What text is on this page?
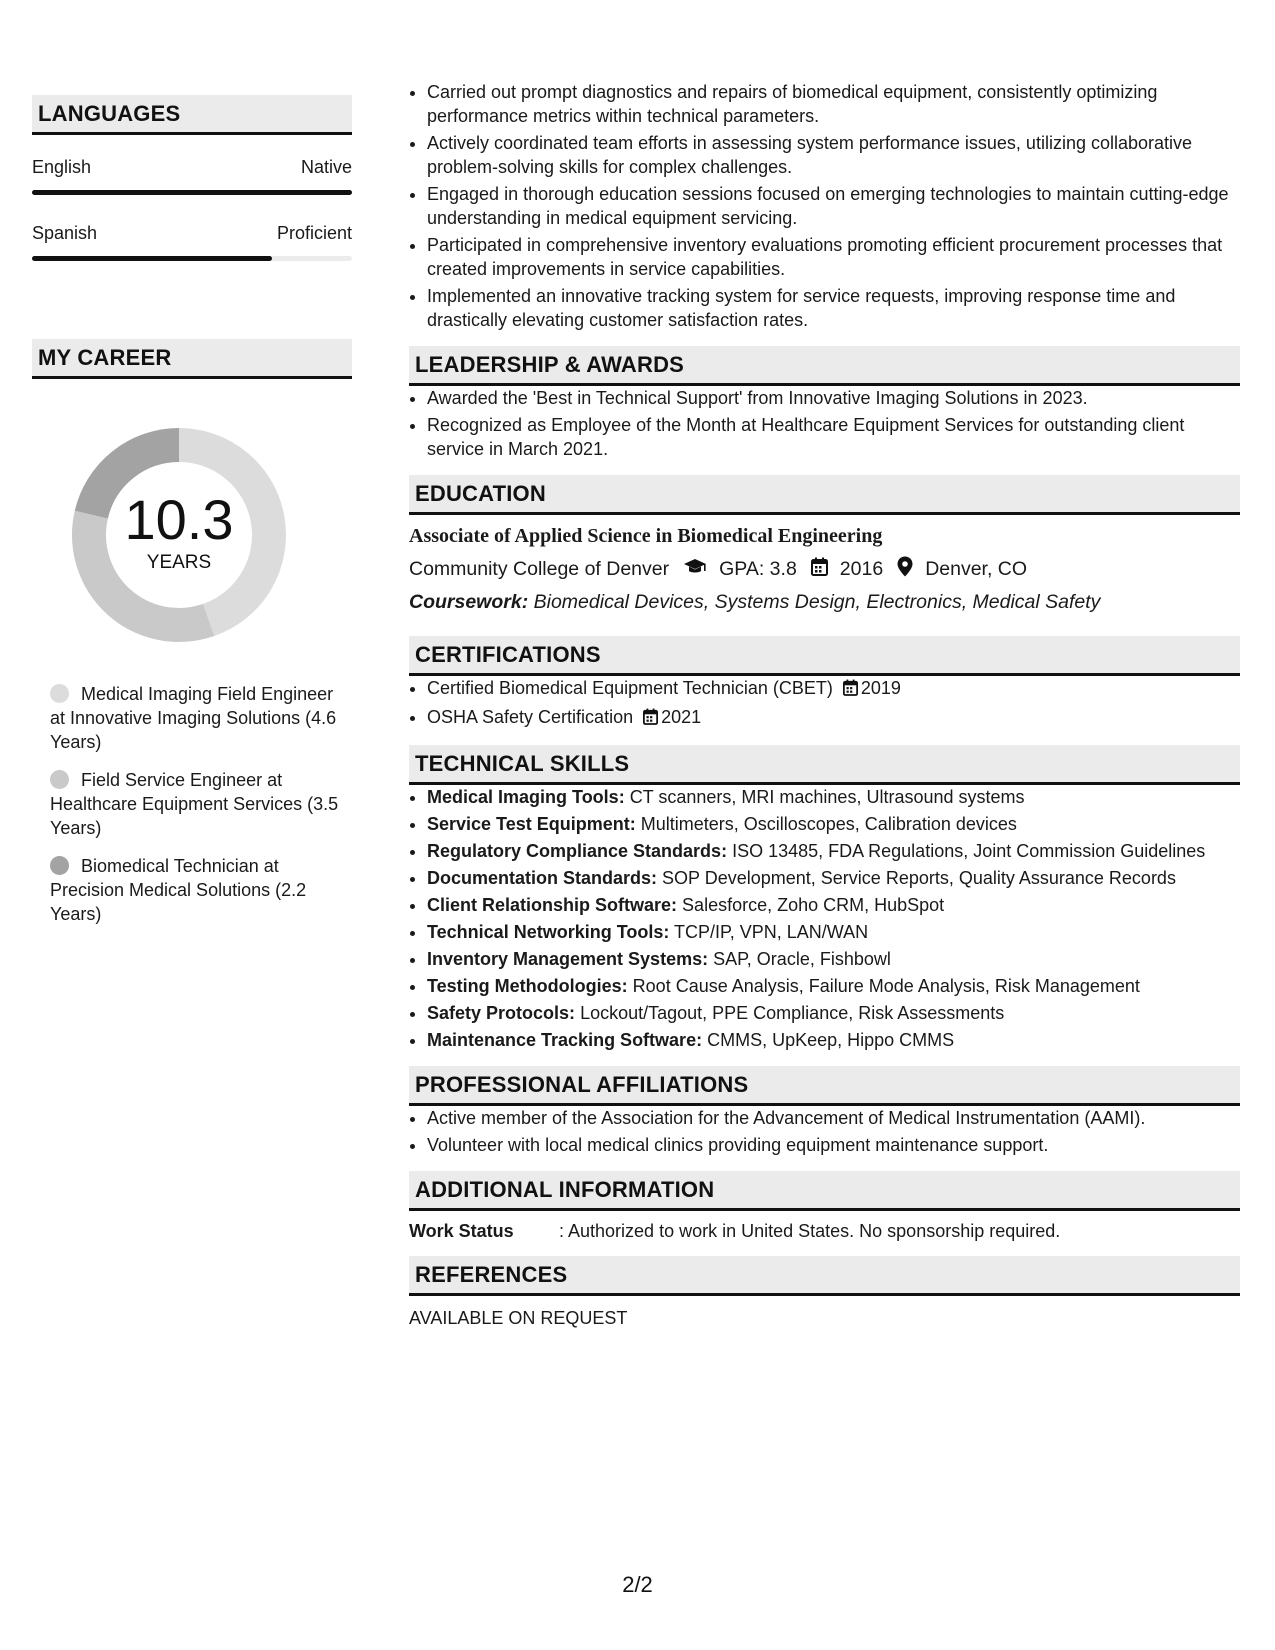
LANGUAGES
English	Native
Spanish	Proficient
MY CAREER
10.3
YEARS
Medical Imaging Field Engineer at Innovative Imaging Solutions (4.6 Years)
Field Service Engineer at Healthcare Equipment Services (3.5 Years)
Biomedical Technician at Precision Medical Solutions (2.2 Years)
• Carried out prompt diagnostics and repairs of biomedical equipment, consistently optimizing performance metrics within technical parameters.
• Actively coordinated team efforts in assessing system performance issues, utilizing collaborative problem-solving skills for complex challenges.
• Engaged in thorough education sessions focused on emerging technologies to maintain cutting-edge understanding in medical equipment servicing.
• Participated in comprehensive inventory evaluations promoting efficient procurement processes that created improvements in service capabilities.
• Implemented an innovative tracking system for service requests, improving response time and drastically elevating customer satisfaction rates.
LEADERSHIP & AWARDS
• Awarded the 'Best in Technical Support' from Innovative Imaging Solutions in 2023.
• Recognized as Employee of the Month at Healthcare Equipment Services for outstanding client service in March 2021.
EDUCATION
Associate of Applied Science in Biomedical Engineering
Community College of Denver	GPA: 3.8 2016 Denver, CO
Coursework: Biomedical Devices, Systems Design, Electronics, Medical Safety
CERTIFICATIONS
• Certified Biomedical Equipment Technician (CBET) 2019
• OSHA Safety Certification 2021
TECHNICAL SKILLS
• Medical Imaging Tools: CT scanners, MRI machines, Ultrasound systems
• Service Test Equipment: Multimeters, Oscilloscopes, Calibration devices
• Regulatory Compliance Standards: ISO 13485, FDA Regulations, Joint Commission Guidelines
• Documentation Standards: SOP Development, Service Reports, Quality Assurance Records
• Client Relationship Software: Salesforce, Zoho CRM, HubSpot
• Technical Networking Tools: TCP/IP, VPN, LAN/WAN
• Inventory Management Systems: SAP, Oracle, Fishbowl
• Testing Methodologies: Root Cause Analysis, Failure Mode Analysis, Risk Management
• Safety Protocols: Lockout/Tagout, PPE Compliance, Risk Assessments
• Maintenance Tracking Software: CMMS, UpKeep, Hippo CMMS
PROFESSIONAL AFFILIATIONS
• Active member of the Association for the Advancement of Medical Instrumentation (AAMI).
• Volunteer with local medical clinics providing equipment maintenance support.
ADDITIONAL INFORMATION
Work Status	: Authorized to work in United States. No sponsorship required.
REFERENCES
AVAILABLE ON REQUEST
2/2
